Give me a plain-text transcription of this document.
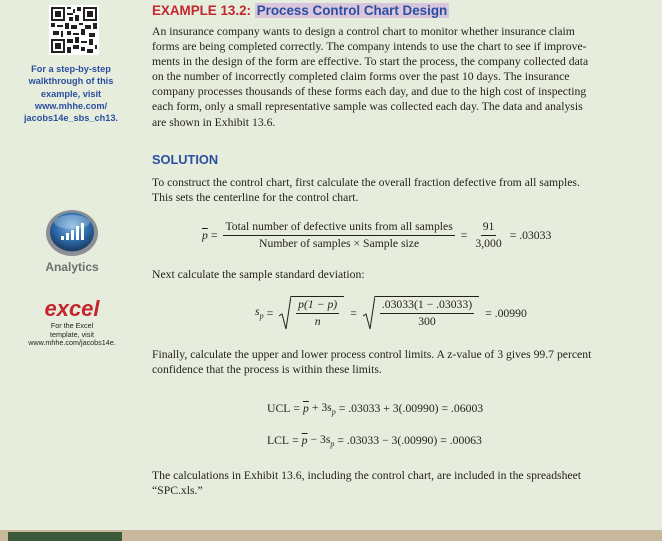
For a step-by-step
walkthrough of this
example, visit
www.mhhe.com/
jacobs14e_sbs_ch13.
Analytics
excel
For the Excel
template, visit
www.mhhe.com/jacobs14e.
EXAMPLE 13.2: Process Control Chart Design
An insurance company wants to design a control chart to monitor whether insurance claim
forms are being completed correctly. The company intends to use the chart to see if improve-
ments in the design of the form are effective. To start the process, the company collected data
on the number of incorrectly completed claim forms over the past 10 days. The insurance
company processes thousands of these forms each day, and due to the high cost of inspecting
each form, only a small representative sample was collected each day. The data and analysis
are shown in Exhibit 13.6.
SOLUTION
To construct the control chart, first calculate the overall fraction defective from all samples.
This sets the centerline for the control chart.
$\overline{p} = \frac{\text{Total number of defective units from all samples}}{\text{Number of samples × Sample size}} = \frac{91}{3,000} = .03033$
Next calculate the sample standard deviation:
$s_p = \frac{p(1 - p)}{n} = \frac{.03033(1 - .03033)}{300} = .00990$
Finally, calculate the upper and lower process control limits. A z-value of 3 gives 99.7 percent
confidence that the process is within these limits.
UCL = $\overline{p} + 3s_p = .03033 + 3(.00990) = .06003$
LCL = $\overline{p} - 3s_p = .03033 - 3(.00990) = .00063$
The calculations in Exhibit 13.6, including the control chart, are included in the spreadsheet
“SPC.xls.”
